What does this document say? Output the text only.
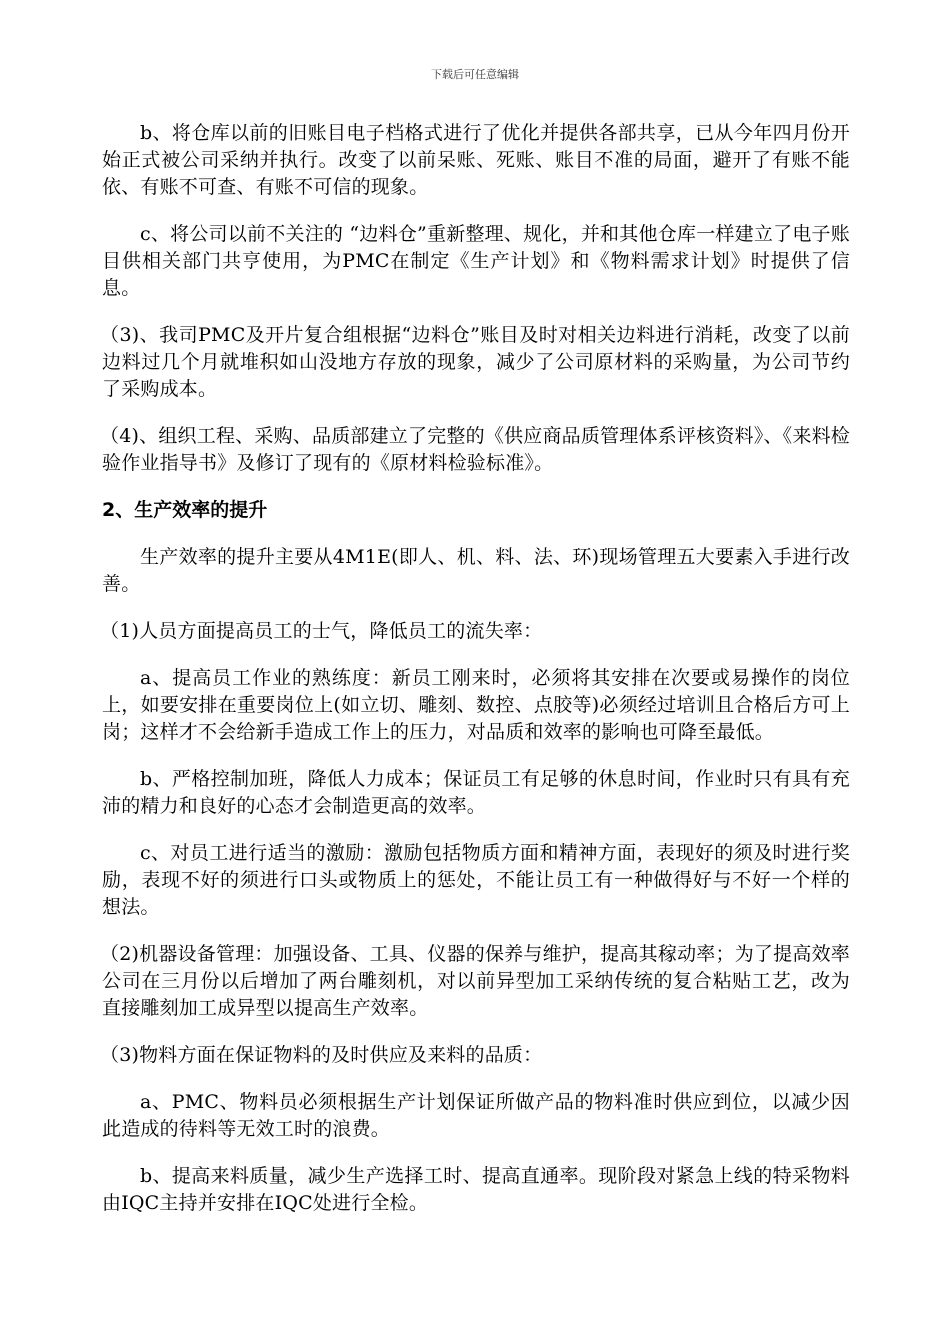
下载后可任意编辑

b、将仓库以前的旧账目电子档格式进行了优化并提供各部共享，已从今年四月份开始正式被公司采纳并执行。改变了以前呆账、死账、账目不准的局面，避开了有账不能依、有账不可查、有账不可信的现象。

c、将公司以前不关注的 “边料仓”重新整理、规化，并和其他仓库一样建立了电子账目供相关部门共亨使用，为PMC在制定《生产计划》和《物料需求计划》时提供了信息。

（3)、我司PMC及开片复合组根据“边料仓”账目及时对相关边料进行消耗，改变了以前边料过几个月就堆积如山没地方存放的现象，减少了公司原材料的采购量，为公司节约了采购成本。

（4)、组织工程、采购、品质部建立了完整的《供应商品质管理体系评核资料》、《来料检验作业指导书》及修订了现有的《原材料检验标准》。

2、生产效率的提升

生产效率的提升主要从4M1E(即人、机、料、法、环)现场管理五大要素入手进行改善。

（1)人员方面提高员工的士气，降低员工的流失率：

a、提高员工作业的熟练度：新员工刚来时，必须将其安排在次要或易操作的岗位上，如要安排在重要岗位上(如立切、雕刻、数控、点胶等)必须经过培训且合格后方可上岗；这样才不会给新手造成工作上的压力，对品质和效率的影响也可降至最低。

b、严格控制加班，降低人力成本；保证员工有足够的休息时间，作业时只有具有充沛的精力和良好的心态才会制造更高的效率。

c、对员工进行适当的激励：激励包括物质方面和精神方面，表现好的须及时进行奖励，表现不好的须进行口头或物质上的惩处，不能让员工有一种做得好与不好一个样的想法。

（2)机器设备管理：加强设备、工具、仪器的保养与维护，提高其稼动率；为了提高效率公司在三月份以后增加了两台雕刻机，对以前异型加工采纳传统的复合粘贴工艺，改为直接雕刻加工成异型以提高生产效率。

（3)物料方面在保证物料的及时供应及来料的品质：

a、PMC、物料员必须根据生产计划保证所做产品的物料准时供应到位，以减少因此造成的待料等无效工时的浪费。

b、提高来料质量，减少生产选择工时、提高直通率。现阶段对紧急上线的特采物料由IQC主持并安排在IQC处进行全检。
